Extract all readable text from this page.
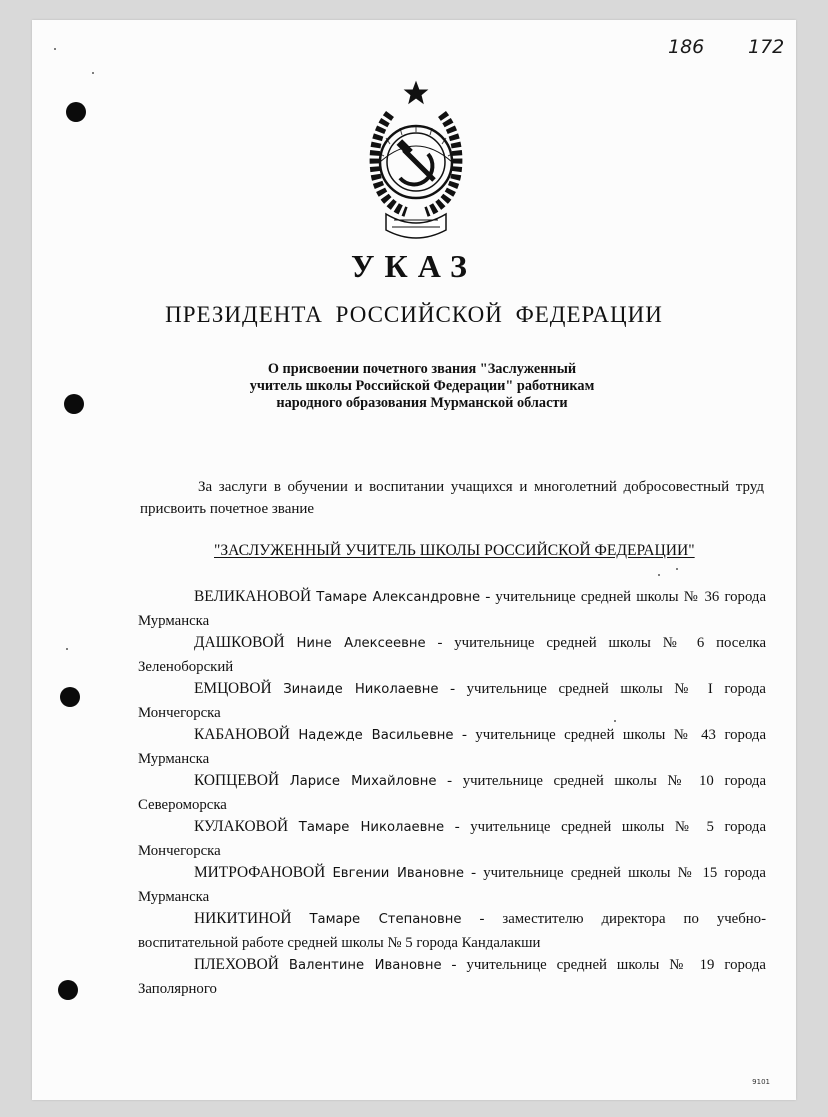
186 172
УКАЗ
ПРЕЗИДЕНТА РОССИЙСКОЙ ФЕДЕРАЦИИ
О присвоении почетного звания "Заслуженный
учитель школы Российской Федерации" работникам
народного образования Мурманской области
За заслуги в обучении и воспитании учащихся и многолетний добросовестный труд присвоить почетное звание
"ЗАСЛУЖЕННЫЙ УЧИТЕЛЬ ШКОЛЫ РОССИЙСКОЙ ФЕДЕРАЦИИ"

ВЕЛИКАНОВОЙ Тамаре Александровне - учительнице средней школы № 36 города Мурманска

ДАШКОВОЙ Нине Алексеевне - учительнице средней школы № 6 поселка Зеленоборский

ЕМЦОВОЙ Зинаиде Николаевне - учительнице средней школы № I города Мончегорска

КАБАНОВОЙ Надежде Васильевне - учительнице средней школы № 43 города Мурманска

КОПЦЕВОЙ Ларисе Михайловне - учительнице средней школы № 10 города Североморска

КУЛАКОВОЙ Тамаре Николаевне - учительнице средней школы № 5 города Мончегорска

МИТРОФАНОВОЙ Евгении Ивановне - учительнице средней школы № 15 города Мурманска

НИКИТИНОЙ Тамаре Степановне - заместителю директора по учебно-воспитательной работе средней школы № 5 города Кандалакши

ПЛЕХОВОЙ Валентине Ивановне - учительнице средней школы № 19 города Заполярного

9101
